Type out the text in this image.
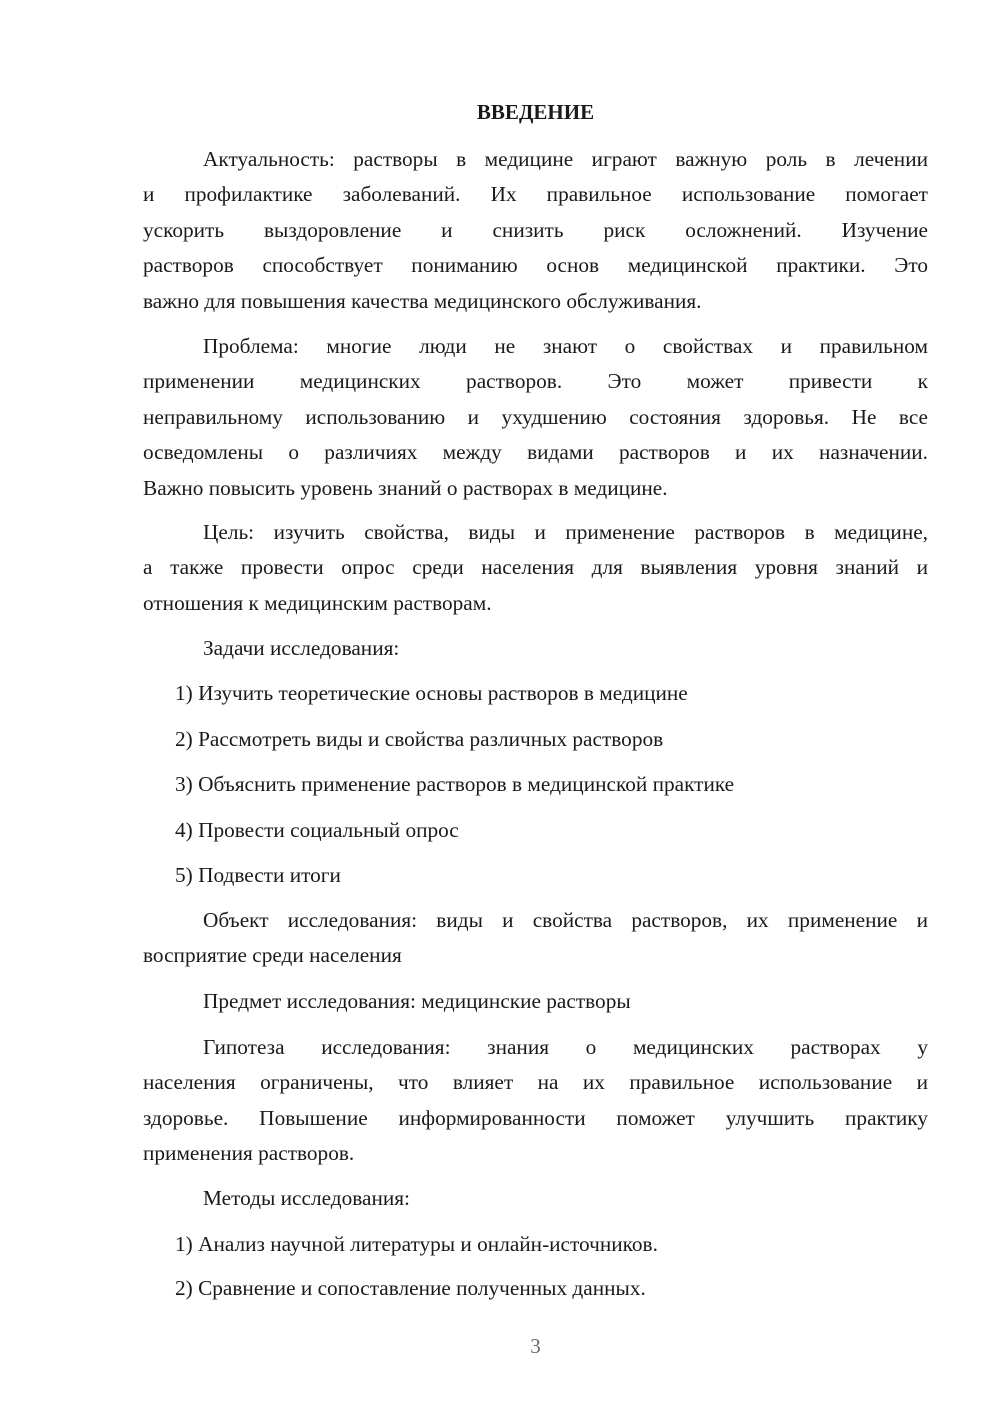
ВВЕДЕНИЕ
Актуальность: растворы в медицине играют важную роль в лечении
и профилактике заболеваний. Их правильное использование помогает
ускорить выздоровление и снизить риск осложнений. Изучение
растворов способствует пониманию основ медицинской практики. Это
важно для повышения качества медицинского обслуживания.
Проблема: многие люди не знают о свойствах и правильном
применении медицинских растворов. Это может привести к
неправильному использованию и ухудшению состояния здоровья. Не все
осведомлены о различиях между видами растворов и их назначении.
Важно повысить уровень знаний о растворах в медицине.
Цель: изучить свойства, виды и применение растворов в медицине,
а также провести опрос среди населения для выявления уровня знаний и
отношения к медицинским растворам.
Задачи исследования:
1) Изучить теоретические основы растворов в медицине
2) Рассмотреть виды и свойства различных растворов
3) Объяснить применение растворов в медицинской практике
4) Провести социальный опрос
5) Подвести итоги
Объект исследования: виды и свойства растворов, их применение и
восприятие среди населения
Предмет исследования: медицинские растворы
Гипотеза исследования: знания о медицинских растворах у
населения ограничены, что влияет на их правильное использование и
здоровье. Повышение информированности поможет улучшить практику
применения растворов.
Методы исследования:
1) Анализ научной литературы и онлайн-источников.
2) Сравнение и сопоставление полученных данных.
3
